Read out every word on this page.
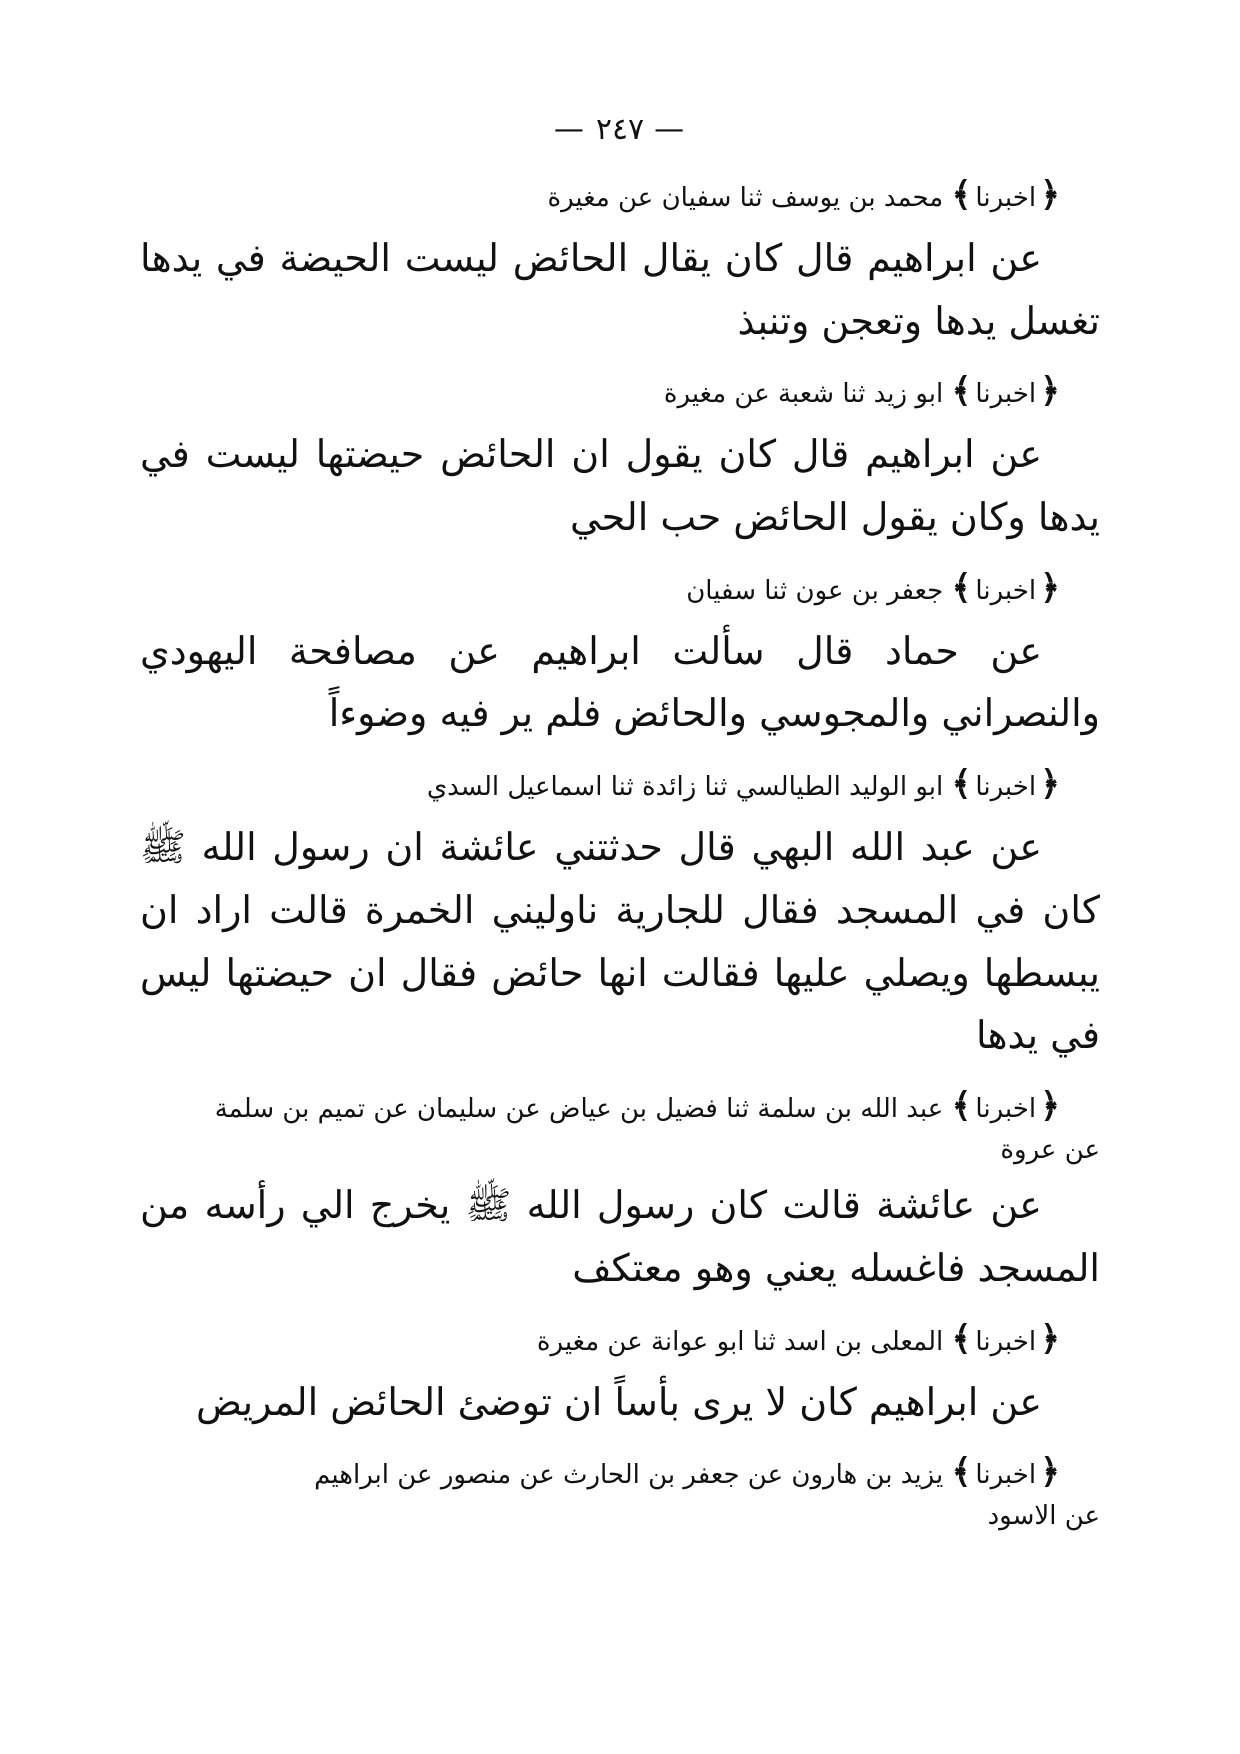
— ٢٤٧ —

﴿اخبرنا﴾ محمد بن يوسف ثنا سفيان عن مغيرة

عن ابراهيم قال كان يقال الحائض ليست الحيضة في يدها تغسل يدها وتعجن وتنبذ

﴿اخبرنا﴾ ابو زيد ثنا شعبة عن مغيرة

عن ابراهيم قال كان يقول ان الحائض حيضتها ليست في يدها وكان يقول الحائض حب الحي

﴿اخبرنا﴾ جعفر بن عون ثنا سفيان

عن حماد قال سألت ابراهيم عن مصافحة اليهودي والنصراني والمجوسي والحائض فلم ير فيه وضوءاً

﴿اخبرنا﴾ ابو الوليد الطيالسي ثنا زائدة ثنا اسماعيل السدي

عن عبد الله البهي قال حدثتني عائشة ان رسول الله ﷺ كان في المسجد فقال للجارية ناوليني الخمرة قالت اراد ان يبسطها ويصلي عليها فقالت انها حائض فقال ان حيضتها ليس في يدها

﴿اخبرنا﴾ عبد الله بن سلمة ثنا فضيل بن عياض عن سليمان عن تميم بن سلمة

عن عروة

عن عائشة قالت كان رسول الله ﷺ يخرج الي رأسه من المسجد فاغسله يعني وهو معتكف

﴿اخبرنا﴾ المعلى بن اسد ثنا ابو عوانة عن مغيرة

عن ابراهيم كان لا يرى بأساً ان توضئ الحائض المريض

﴿اخبرنا﴾ يزيد بن هارون عن جعفر بن الحارث عن منصور عن ابراهيم

عن الاسود
